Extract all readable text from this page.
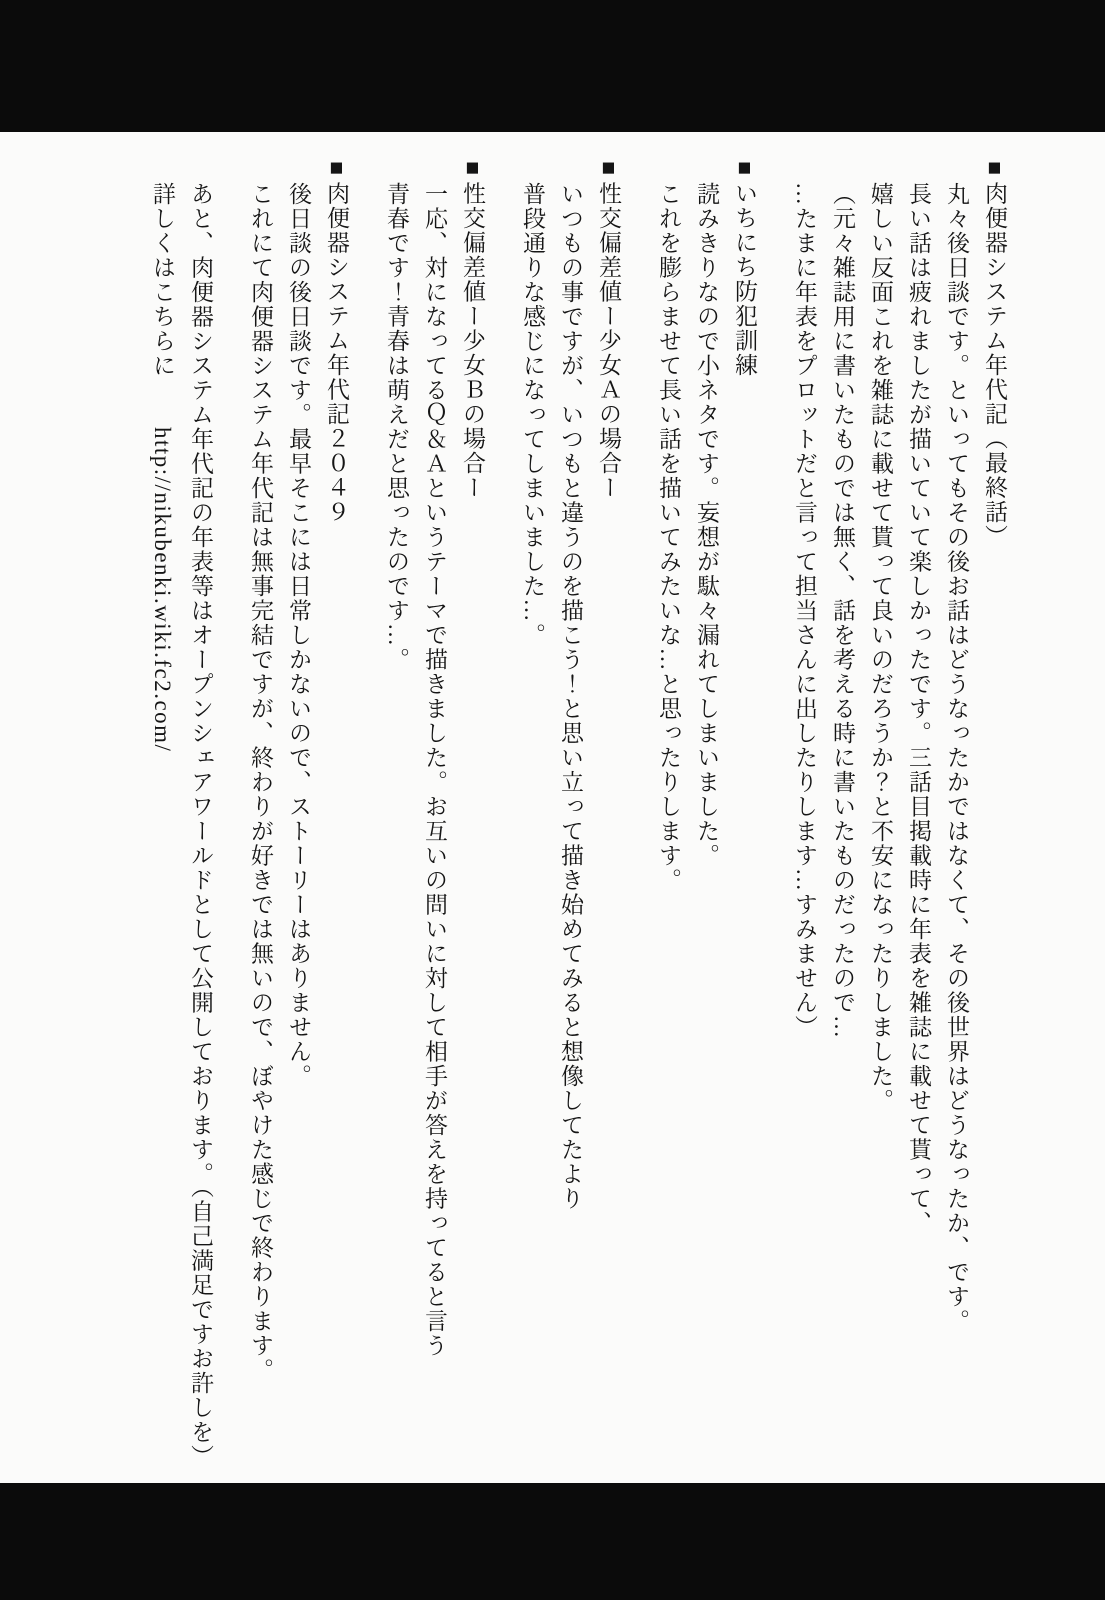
■肉便器システム年代記（最終話）

丸々後日談です。といってもその後お話はどうなったかではなくて、その後世界はどうなったか、です。

長い話は疲れましたが描いていて楽しかったです。三話目掲載時に年表を雑誌に載せて貰って、

嬉しい反面これを雑誌に載せて貰って良いのだろうか？と不安になったりしました。

（元々雑誌用に書いたものでは無く、話を考える時に書いたものだったので…

…たまに年表をプロットだと言って担当さんに出したりします…すみません）

■いちにち防犯訓練

読みきりなので小ネタです。妄想が駄々漏れてしまいました。

これを膨らませて長い話を描いてみたいな…と思ったりします。

■性交偏差値ー少女Ａの場合ー

いつもの事ですが、いつもと違うのを描こう！と思い立って描き始めてみると想像してたより

普段通りな感じになってしまいました…。

■性交偏差値ー少女Ｂの場合ー

一応、対になってるＱ＆Ａというテーマで描きました。お互いの問いに対して相手が答えを持ってると言う

青春です！青春は萌えだと思ったのです…。

■肉便器システム年代記２０４９

後日談の後日談です。最早そこには日常しかないので、ストーリーはありません。

これにて肉便器システム年代記は無事完結ですが、終わりが好きでは無いので、ぼやけた感じで終わります。

あと、肉便器システム年代記の年表等はオープンシェアワールドとして公開しております。（自己満足ですお許しを）

詳しくはこちらに　　http://nikubenki.wiki.fc2.com/
